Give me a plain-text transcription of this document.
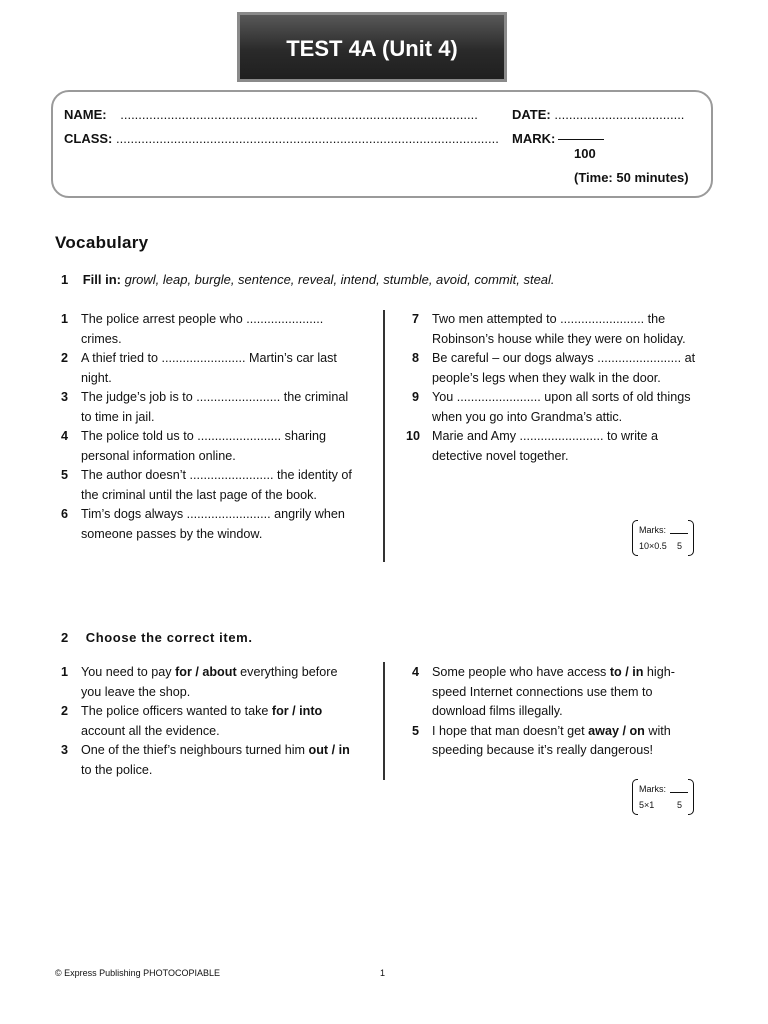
TEST 4A (Unit 4)
NAME: ...................................................................................................	DATE: ....................................
CLASS: .......................................................................................................... MARK:
100
(Time: 50 minutes)
Vocabulary
1 Fill in: growl, leap, burgle, sentence, reveal, intend, stumble, avoid, commit, steal.
1 The police arrest people who ...................... crimes.
2 A thief tried to ........................ Martin’s car last night.
3 The judge’s job is to ........................ the criminal to time in jail.
4 The police told us to ........................ sharing personal information online.
5 The author doesn’t ........................ the identity of the criminal until the last page of the book.
6 Tim’s dogs always ........................ angrily when someone passes by the window.
7 Two men attempted to ........................ the Robinson’s house while they were on holiday.
8 Be careful – our dogs always ........................ at people’s legs when they walk in the door.
9 You ........................ upon all sorts of old things when you go into Grandma’s attic.
10 Marie and Amy ........................ to write a detective novel together.
Marks:
10×0.5 5
2 Choose the correct item.
1 You need to pay for / about everything before you leave the shop.
2 The police officers wanted to take for / into account all the evidence.
3 One of the thief’s neighbours turned him out / in to the police.
4 Some people who have access to / in high-speed Internet connections use them to download films illegally.
5 I hope that man doesn’t get away / on with speeding because it’s really dangerous!
Marks:
5×1	5
© Express Publishing PHOTOCOPIABLE	1
